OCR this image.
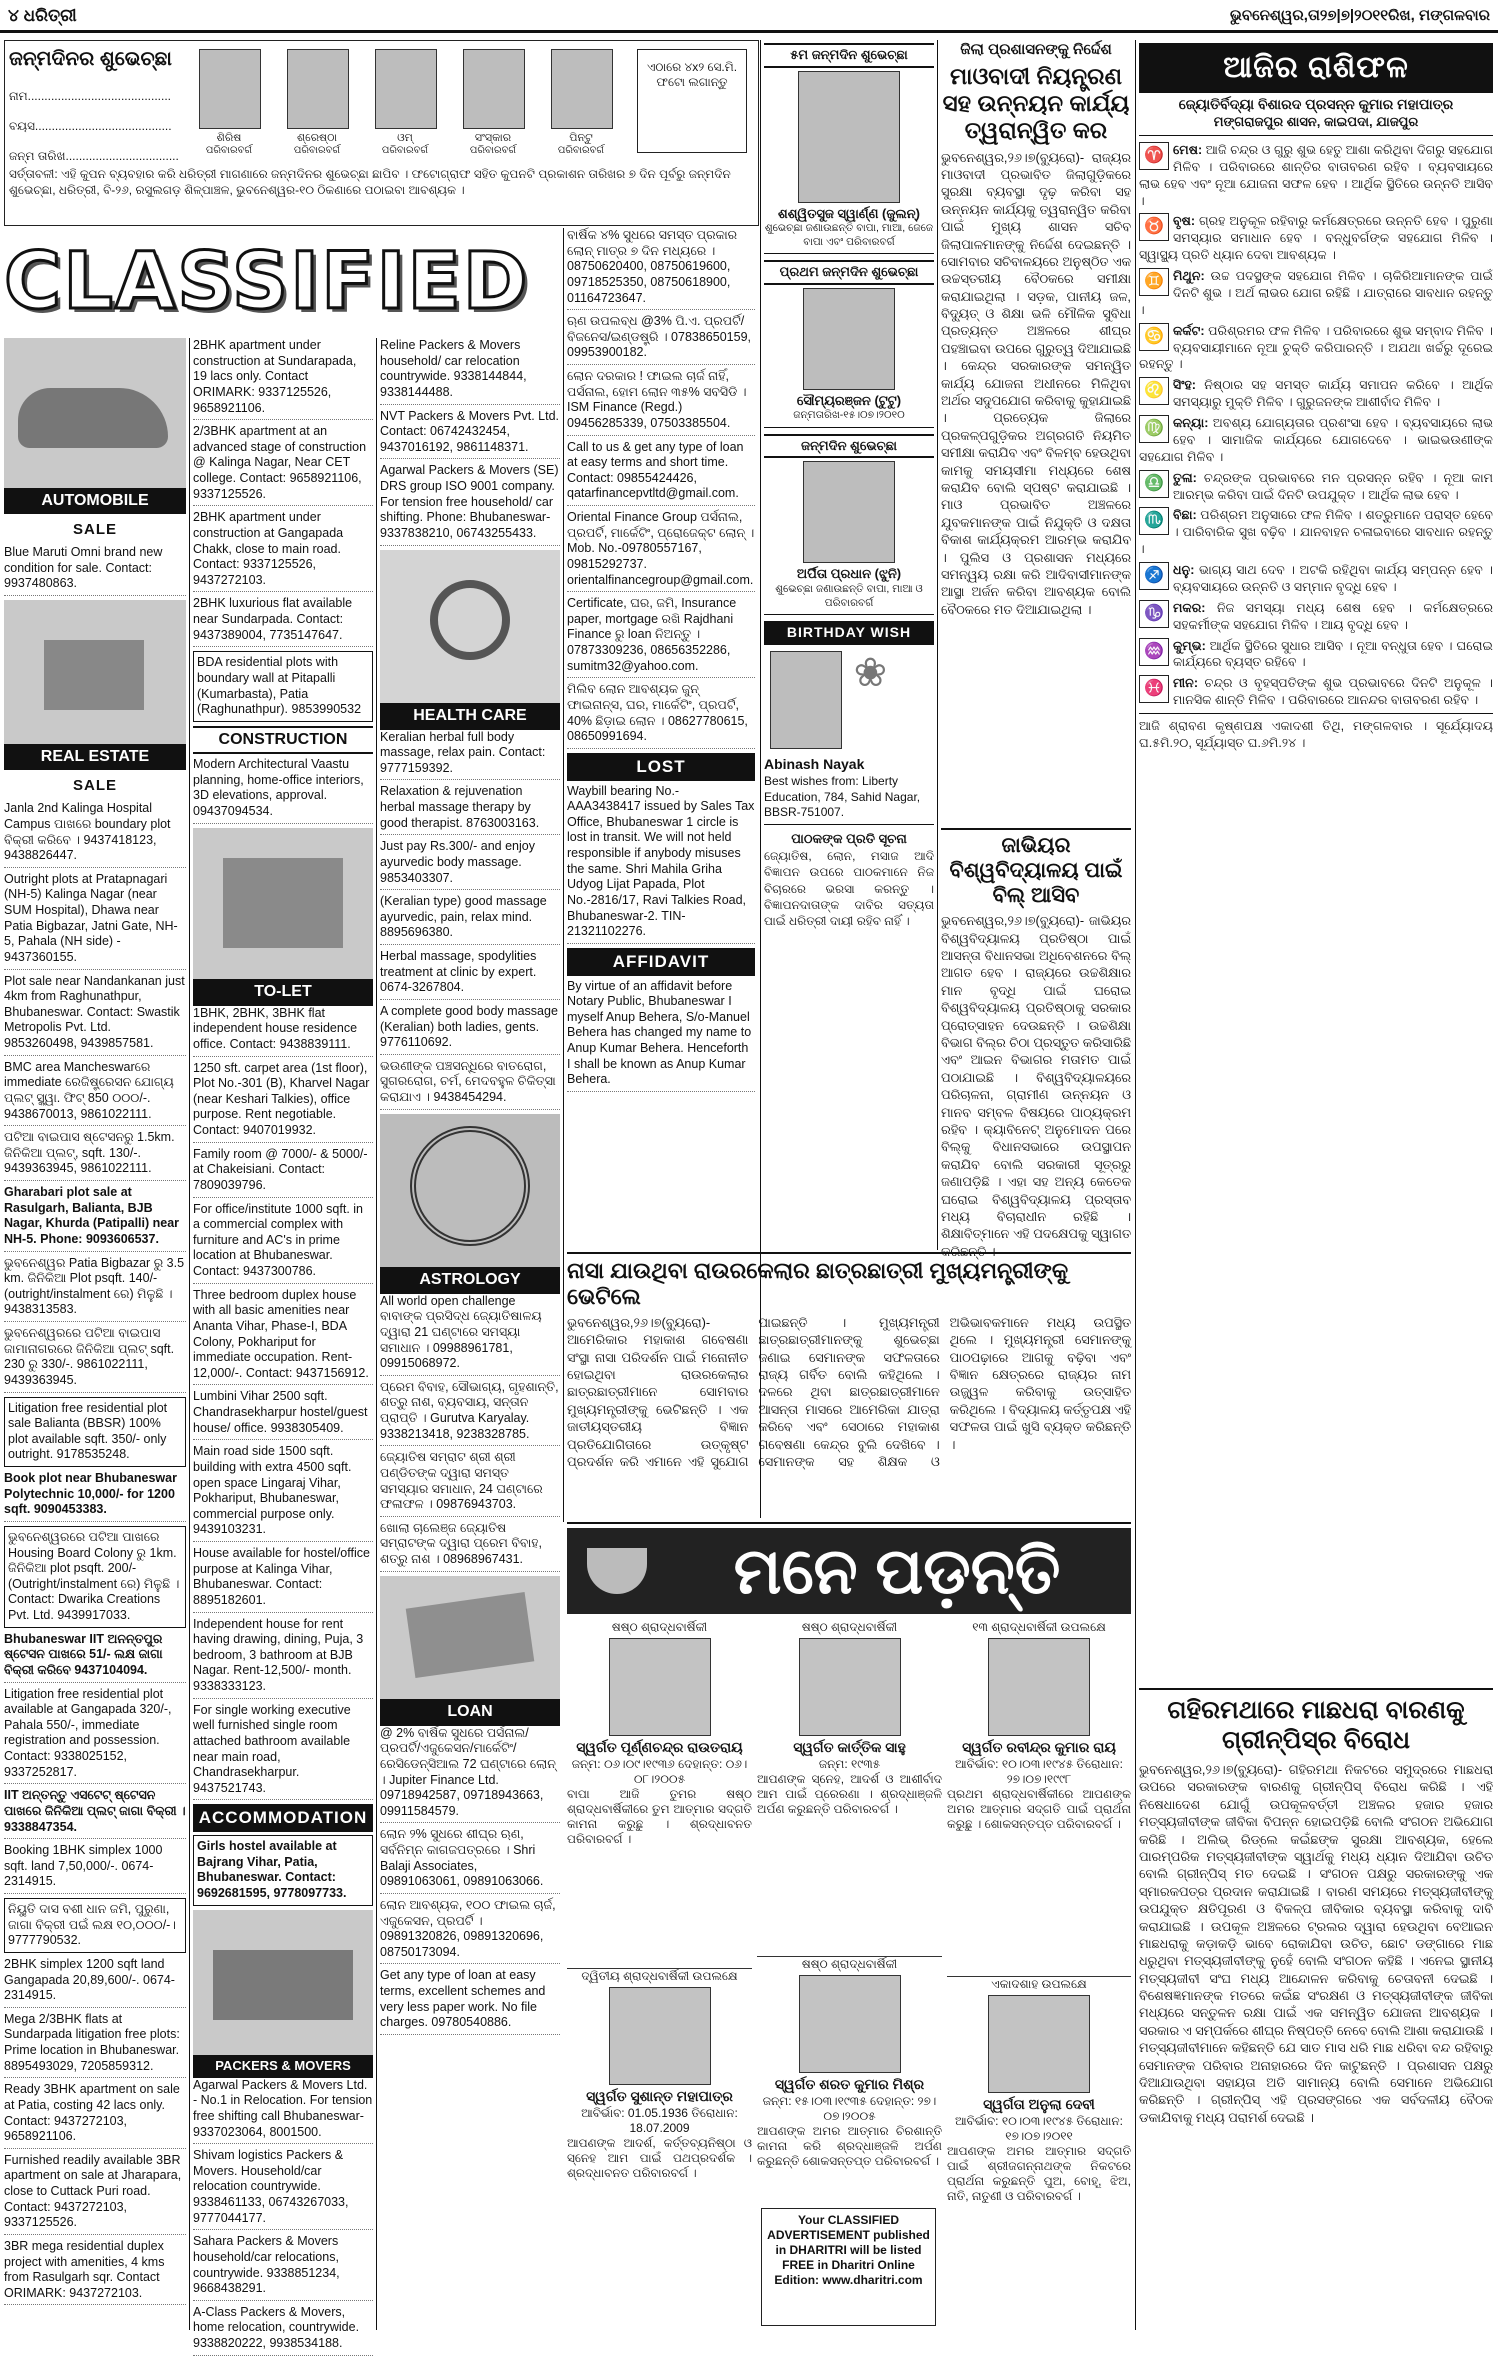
୪ ଧରିତ୍ରୀ	ଭୁବନେଶ୍ୱର,ତା୨୭|୭|୨୦୧୧ରିଖ, ମଙ୍ଗଳବାର
ଜନ୍ମଦିନର ଶୁଭେଚ୍ଛା
ନାମ...........................................
ବୟସ.........................................
ଜନ୍ମ ତାରିଖ..................................
ଶିରିଷ	ଶ୍ରେଷ୍ଠା	ଓମ୍	ସଂସ୍କାର	ପିନ୍ଟୁ
ପରିବାରବର୍ଗ	ପରିବାରବର୍ଗ	ପରିବାରବର୍ଗ	ପରିବାରବର୍ଗ	ପରିବାରବର୍ଗ
ଏଠାରେ ୪x୨ ସେ.ମି. ଫଟୋ ଲଗାନ୍ତୁ
ସର୍ତ୍ତାବଳୀ: ଏହି କୁପନ ବ୍ୟବହାର କରି ଧରିତ୍ରୀ ମାଗଣାରେ ଜନ୍ମଦିନର ଶୁଭେଚ୍ଛା ଛାପିବ । ଫଟୋଗ୍ରାଫ ସହିତ କୁପନଟି ପ୍ରକାଶନ ତାରିଖର ୭ ଦିନ ପୂର୍ବରୁ ଜନ୍ମଦିନ ଶୁଭେଚ୍ଛା, ଧରିତ୍ରୀ, ବି-୨୬, ରସୁଲଗଡ଼ ଶିଳ୍ପାଞ୍ଚଳ, ଭୁବନେଶ୍ୱର-୧୦ ଠିକଣାରେ ପଠାଇବା ଆବଶ୍ୟକ ।
CLASSIFIED
AUTOMOBILE
SALE
Blue Maruti Omni brand new condition for sale. Contact: 9937480863.
REAL ESTATE
SALE
Janla 2nd Kalinga Hospital Campus ପାଖରେ boundary plot ବିକ୍ରୀ କରିବେ । 9437418123, 9438826447.
Outright plots at Pratapnagari (NH-5) Kalinga Nagar (near SUM Hospital), Dhawa near Patia Bigbazar, Jatni Gate, NH-5, Pahala (NH side) - 9437360155.
Plot sale near Nandankanan just 4km from Raghunathpur, Bhubaneswar. Contact: Swastik Metropolis Pvt. Ltd. 9853260498, 9439857581.
BMC area Mancheswarରେ immediate ରେଜିଷ୍ଟ୍ରେସନ ଯୋଗ୍ୟ ପ୍ଲଟ୍ ସ୍କ୍ୱା. ଫିଟ୍ 850 ୦୦୦/-. 9438670013, 9861022111.
ପଟିଆ ବାଇପାସ ଷ୍ଟେସନରୁ 1.5km. ଜିନିକିଆ ପ୍ଲଟ୍, sqft. 130/-. 9439363945, 9861022111.
Gharabari plot sale at Rasulgarh, Balianta, BJB Nagar, Khurda (Patipalli) near NH-5. Phone: 9093606537.
ଭୁବନେଶ୍ୱର Patia Bigbazar ରୁ 3.5 km. ଜିନିକିଆ Plot psqft. 140/- (outright/instalment ରେ) ମିଳୁଛି । 9438313583.
ଭୁବନେଶ୍ୱରରେ ପଟିଆ ବାଇପାସ ଜାମାନାଗରରେ ଜିନିକିଆ ପ୍ଲଟ୍ sqft. 230 ରୁ 330/-. 9861022111, 9439363945.
Litigation free residential plot sale Balianta (BBSR) 100% plot available sqft. 350/- only outright. 9178535248.
Book plot near Bhubaneswar Polytechnic 10,000/- for 1200 sqft. 9090453383.
ଭୁବନେଶ୍ୱରରେ ପଟିଆ ପାଖରେ Housing Board Colony ରୁ 1km. ଜିନିକିଆ plot psqft. 200/- (Outright/instalment ରେ) ମିଳୁଛି । Contact: Dwarika Creations Pvt. Ltd. 9439917033.
Bhubaneswar IIT ଅନନ୍ତପୁର ଷ୍ଟେସନ ପାଖରେ 51/- ଲକ୍ଷ ଜାଗା ବିକ୍ରୀ କରିବେ 9437104094.
Litigation free residential plot available at Gangapada 320/-, Pahala 550/-, immediate registration and possession. Contact: 9338025152, 9337252817.
IIT ଅନ୍ତନ୍ତୁ ଏସଟେଟ୍ ଷ୍ଟେସନ ପାଖରେ ଜିନିକିଆ ପ୍ଲଟ୍ ଜାଗା ବିକ୍ରୀ । 9338847354.
Booking 1BHK simplex 1000 sqft. land 7,50,000/-. 0674-2314915.
ନିୟୁତି ଦାସ ବଶୀ ଧାନ ଜମି, ପୁରୁଣା, ଜାଗା ବିକ୍ରୀ ପଇଁ ଲକ୍ଷ ୧୦,୦୦୦/-। 9777790532.
2BHK simplex 1200 sqft land Gangapada 20,89,600/-. 0674-2314915.
Mega 2/3BHK flats at Sundarpada litigation free plots: Prime location in Bhubaneswar. 8895493029, 7205859312.
Ready 3BHK apartment on sale at Patia, costing 42 lacs only. Contact: 9437272103, 9658921106.
Furnished readily available 3BR apartment on sale at Jharapara, close to Cuttack Puri road. Contact: 9437272103, 9337125526.
3BR mega residential duplex project with amenities, 4 kms from Rasulgarh sqr. Contact ORIMARK: 9437272103.
2BHK apartment under construction at Sundarapada, 19 lacs only. Contact ORIMARK: 9337125526, 9658921106.
2/3BHK apartment at an advanced stage of construction @ Kalinga Nagar, Near CET college. Contact: 9658921106, 9337125526.
2BHK apartment under construction at Gangapada Chakk, close to main road. Contact: 9337125526, 9437272103.
2BHK luxurious flat available near Sundarpada. Contact: 9437389004, 7735147647.
BDA residential plots with boundary wall at Pitapalli (Kumarbasta), Patia (Raghunathpur). 9853990532
CONSTRUCTION
Modern Architectural Vaastu planning, home-office interiors, 3D elevations, approval. 09437094534.
TO-LET
1BHK, 2BHK, 3BHK flat independent house residence office. Contact: 9438839111.
1250 sft. carpet area (1st floor), Plot No.-301 (B), Kharvel Nagar (near Keshari Talkies), office purpose. Rent negotiable. Contact: 9407019932.
Family room @ 7000/- & 5000/- at Chakeisiani. Contact: 7809039796.
For office/institute 1000 sqft. in a commercial complex with furniture and AC's in prime location at Bhubaneswar. Contact: 9437300786.
Three bedroom duplex house with all basic amenities near Ananta Vihar, Phase-I, BDA Colony, Pokhariput for immediate occupation. Rent-12,000/-. Contact: 9437156912.
Lumbini Vihar 2500 sqft. Chandrasekharpur hostel/guest house/ office. 9938305409.
Main road side 1500 sqft. building with extra 4500 sqft. open space Lingaraj Vihar, Pokhariput, Bhubaneswar, commercial purpose only. 9439103231.
House available for hostel/office purpose at Kalinga Vihar, Bhubaneswar. Contact: 8895182601.
Independent house for rent having drawing, dining, Puja, 3 bedroom, 3 bathroom at BJB Nagar. Rent-12,500/- month. 9338333123.
For single working executive well furnished single room attached bathroom available near main road, Chandrasekharpur. 9437521743.
ACCOMMODATION
Girls hostel available at Bajrang Vihar, Patia, Bhubaneswar. Contact: 9692681595, 9778097733.
PACKERS & MOVERS
Agarwal Packers & Movers Ltd. - No.1 in Relocation. For tension free shifting call Bhubaneswar- 9337023064, 8001500.
Shivam logistics Packers & Movers. Household/car relocation countrywide. 9338461133, 06743267033, 9777044177.
Sahara Packers & Movers household/car relocations, countrywide. 9338851234, 9668438291.
A-Class Packers & Movers, home relocation, countrywide. 9338820222, 9938534188.
Reline Packers & Movers household/ car relocation countrywide. 9338144844, 9338144488.
NVT Packers & Movers Pvt. Ltd. Contact: 06742432454, 9437016192, 9861148371.
Agarwal Packers & Movers (SE) DRS group ISO 9001 company. For tension free household/ car shifting. Phone: Bhubaneswar- 9337838210, 06743255433.
HEALTH CARE
Keralian herbal full body massage, relax pain. Contact: 9777159392.
Relaxation & rejuvenation herbal massage therapy by good therapist. 8763003163.
Just pay Rs.300/- and enjoy ayurvedic body massage. 9853403307.
(Keralian type) good massage ayurvedic, pain, relax mind. 8895696380.
Herbal massage, spodylities treatment at clinic by expert. 0674-3267804.
A complete good body massage (Keralian) both ladies, gents. 9776110692.
ଭଉଣୀଙ୍କ ପଞ୍ଚସନ୍ଧିରେ ବାତରୋଗ, ସୁଗରରୋଗ, ଚର୍ମ, ମେଦବହୁଳ ଚିକିତ୍ସା କରାଯାଏ । 9438454294.
ASTROLOGY
All world open challenge ବାବାଙ୍କ ପ୍ରସିଦ୍ଧ ଜ୍ୟୋତିଷାଳୟ ଦ୍ୱାରା 21 ଘଣ୍ଟାରେ ସମସ୍ୟା ସମାଧାନ । 09988961781, 09915068972.
ପ୍ରେମ ବିବାହ, ସୌଭାଗ୍ୟ, ଗୃହଶାନ୍ତି, ଶତ୍ରୁ ନାଶ, ବ୍ୟବସାୟ, ସନ୍ତାନ ପ୍ରାପ୍ତି । Gurutva Karyalay. 9338213418, 9238328785.
ଜ୍ୟୋତିଷ ସମ୍ରାଟ ଶ୍ରୀ ଶ୍ରୀ ପଣ୍ଡିତଙ୍କ ଦ୍ୱାରା ସମସ୍ତ ସମସ୍ୟାର ସମାଧାନ, 24 ଘଣ୍ଟାରେ ଫଳାଫଳ । 09876943703.
ଖୋଲା ଚାଲେଞ୍ଜ ଜ୍ୟୋତିଷ ସମ୍ରାଟଙ୍କ ଦ୍ୱାରା ପ୍ରେମ ବିବାହ, ଶତ୍ରୁ ନାଶ । 08968967431.
LOAN
@ 2% ବାର୍ଷିକ ସୁଧରେ ପର୍ସନାଲ/ପ୍ରପର୍ଟି/ଏଜୁକେସନ/ମାର୍କେଟିଂ/ରେସିଡେନ୍ସିଆଲ 72 ଘଣ୍ଟାରେ ଲୋନ୍ । Jupiter Finance Ltd. 09718942587, 09718943663, 09911584579.
ଲୋନ ୨% ସୁଧରେ ଶୀଘ୍ର ଋଣ, ସର୍ବନିମ୍ନ କାଗଜପତ୍ରରେ । Shri Balaji Associates, 09891063061, 09891063066.
ଲୋନ ଆବଶ୍ୟକ, ୧୦୦ ଫାଇଲ ଚାର୍ଜ, ଏଜୁକେସନ, ପ୍ରପର୍ଟି । 09891320826, 09891320696, 08750173094.
Get any type of loan at easy terms, excellent schemes and very less paper work. No file charges. 09780540886.
ବାର୍ଷିକ ୪% ସୁଧରେ ସମସ୍ତ ପ୍ରକାର ଲୋନ୍ ମାତ୍ର ୭ ଦିନ ମଧ୍ୟରେ । 08750620400, 08750619600, 09718525350, 08750618900, 01164723647.
ଋଣ ଉପଲବ୍ଧ @3% ପି.ଏ. ପ୍ରପର୍ଟି/ବିଜନେସ/ଇଣ୍ଡଷ୍ଟ୍ରି । 07838650159, 09953900182.
ଲୋନ ଦରକାର ! ଫାଇଲ ଚାର୍ଜ ନାହିଁ, ପର୍ସନାଲ, ହୋମ ଲୋନ ୩୫% ସବସିଡି । ISM Finance (Regd.) 09456285339, 07503385504.
Call to us & get any type of loan at easy terms and short time. Contact: 09855424426, qatarfinancepvtltd@gmail.com.
Oriental Finance Group ପର୍ସନାଲ, ପ୍ରପର୍ଟି, ମାର୍କେଟିଂ, ପ୍ରୋଜେକ୍ଟ ଲୋନ୍ । Mob. No.-09780557167, 09815292737. orientalfinancegroup@gmail.com.
Certificate, ଘର, ଜମି, Insurance paper, mortgage ରଖି Rajdhani Finance ରୁ loan ନିଅନ୍ତୁ । 07873309236, 08656352286, sumitm32@yahoo.com.
ମିଲିବ ଲୋନ ଆବଶ୍ୟକ ଜୁନ୍ ଫାଇନାନ୍ସ, ଘର, ମାର୍କେଟିଂ, ପ୍ରପର୍ଟି, 40% ଛିଡ଼ାଇ ଲୋନ । 08627780615, 08650991694.
LOST
Waybill bearing No.- AAA3438417 issued by Sales Tax Office, Bhubaneswar 1 circle is lost in transit. We will not held responsible if anybody misuses the same. Shri Mahila Griha Udyog Lijat Papada, Plot No.-2816/17, Ravi Talkies Road, Bhubaneswar-2. TIN-21321102276.
AFFIDAVIT
By virtue of an affidavit before Notary Public, Bhubaneswar I myself Anup Behera, S/o-Manuel Behera has changed my name to Anup Kumar Behera. Henceforth I shall be known as Anup Kumar Behera.
୫ମ ଜନ୍ମଦିନ ଶୁଭେଚ୍ଛା
ଶଶ୍ୱିତସୁଜ ସ୍ୱାର୍ଣ୍ଣ (ଜୁଲନ୍)
ଶୁଭେଚ୍ଛା ଜଣାଉଛନ୍ତି ବାପା, ମାଆ, ଜେଜେ ବାପା ଏବଂ ପରିବାରବର୍ଗ
ପ୍ରଥମ ଜନ୍ମଦିନ ଶୁଭେଚ୍ଛା
ସୌମ୍ୟରଞ୍ଜନ (ଟୁଟୁ)
ଜନ୍ମତାରିଖ-୧୫।୦୭।୨୦୧୦
ଜନ୍ମଦିନ ଶୁଭେଚ୍ଛା
ଅର୍ପିତା ପ୍ରଧାନ (ଝୁନି)
ଶୁଭେଚ୍ଛା ଜଣାଉଛନ୍ତି ବାପା, ମାଆ ଓ ପରିବାରବର୍ଗ
BIRTHDAY WISH
❀
Abinash Nayak
Best wishes from: Liberty Education, 784, Sahid Nagar, BBSR-751007.
ପାଠକଙ୍କ ପ୍ରତି ସୂଚନା
ଜ୍ୟୋତିଷ, ଲୋନ, ମସାଜ ଆଦି ବିଜ୍ଞାପନ ଉପରେ ପାଠକମାନେ ନିଜ ବିଚାରରେ ଭରସା କରନ୍ତୁ । ବିଜ୍ଞାପନଦାତାଙ୍କ ଦାବିର ସତ୍ୟତା ପାଇଁ ଧରିତ୍ରୀ ଦାୟୀ ରହିବ ନାହିଁ ।
ଜିଲା ପ୍ରଶାସନଙ୍କୁ ନିର୍ଦ୍ଦେଶ
ମାଓବାଦୀ ନିୟନ୍ତ୍ରଣ ସହ ଉନ୍ନୟନ କାର୍ଯ୍ୟ ତ୍ୱରାନ୍ୱିତ କର
ଭୁବନେଶ୍ୱର,୨୬।୭(ବ୍ୟୁରୋ)- ରାଜ୍ୟର ମାଓବାଦୀ ପ୍ରଭାବିତ ଜିଲାଗୁଡ଼ିକରେ ସୁରକ୍ଷା ବ୍ୟବସ୍ଥା ଦୃଢ଼ କରିବା ସହ ଉନ୍ନୟନ କାର୍ଯ୍ୟକୁ ତ୍ୱରାନ୍ୱିତ କରିବା ପାଇଁ ମୁଖ୍ୟ ଶାସନ ସଚିବ ଜିଲାପାଳମାନଙ୍କୁ ନିର୍ଦ୍ଦେଶ ଦେଇଛନ୍ତି । ସୋମବାର ସଚିବାଳୟରେ ଅନୁଷ୍ଠିତ ଏକ ଉଚ୍ଚସ୍ତରୀୟ ବୈଠକରେ ସମୀକ୍ଷା କରାଯାଇଥିଲା । ସଡ଼କ, ପାନୀୟ ଜଳ, ବିଦ୍ୟୁତ୍ ଓ ଶିକ୍ଷା ଭଳି ମୌଳିକ ସୁବିଧା ପ୍ରତ୍ୟନ୍ତ ଅଞ୍ଚଳରେ ଶୀଘ୍ର ପହଞ୍ଚାଇବା ଉପରେ ଗୁରୁତ୍ୱ ଦିଆଯାଇଛି । କେନ୍ଦ୍ର ସରକାରଙ୍କ ସମନ୍ୱିତ କାର୍ଯ୍ୟ ଯୋଜନା ଅଧୀନରେ ମିଳିଥିବା ଅର୍ଥର ସଦୁପଯୋଗ କରିବାକୁ କୁହାଯାଇଛି । ପ୍ରତ୍ୟେକ ଜିଲାରେ ପ୍ରକଳ୍ପଗୁଡ଼ିକର ଅଗ୍ରଗତି ନିୟମିତ ସମୀକ୍ଷା କରାଯିବ ଏବଂ ବିଳମ୍ବ ହେଉଥିବା କାମକୁ ସମୟସୀମା ମଧ୍ୟରେ ଶେଷ କରାଯିବ ବୋଲି ସ୍ପଷ୍ଟ କରାଯାଇଛି । ମାଓ ପ୍ରଭାବିତ ଅଞ୍ଚଳରେ ଯୁବକମାନଙ୍କ ପାଇଁ ନିଯୁକ୍ତି ଓ ଦକ୍ଷତା ବିକାଶ କାର୍ଯ୍ୟକ୍ରମ ଆରମ୍ଭ କରାଯିବ । ପୁଲିସ ଓ ପ୍ରଶାସନ ମଧ୍ୟରେ ସମନ୍ୱୟ ରକ୍ଷା କରି ଆଦିବାସୀମାନଙ୍କ ଆସ୍ଥା ଅର୍ଜନ କରିବା ଆବଶ୍ୟକ ବୋଲି ବୈଠକରେ ମତ ଦିଆଯାଇଥିଲା ।
ଜାଭିୟର ବିଶ୍ୱବିଦ୍ୟାଳୟ ପାଇଁ ବିଲ୍ ଆସିବ
ଭୁବନେଶ୍ୱର,୨୬।୭(ବ୍ୟୁରୋ)- ଜାଭିୟର ବିଶ୍ୱବିଦ୍ୟାଳୟ ପ୍ରତିଷ୍ଠା ପାଇଁ ଆସନ୍ତା ବିଧାନସଭା ଅଧିବେଶନରେ ବିଲ୍ ଆଗତ ହେବ । ରାଜ୍ୟରେ ଉଚ୍ଚଶିକ୍ଷାର ମାନ ବୃଦ୍ଧି ପାଇଁ ଘରୋଇ ବିଶ୍ୱବିଦ୍ୟାଳୟ ପ୍ରତିଷ୍ଠାକୁ ସରକାର ପ୍ରୋତ୍ସାହନ ଦେଉଛନ୍ତି । ଉଚ୍ଚଶିକ୍ଷା ବିଭାଗ ବିଲ୍‌ର ଚିଠା ପ୍ରସ୍ତୁତ କରିସାରିଛି ଏବଂ ଆଇନ ବିଭାଗର ମତାମତ ପାଇଁ ପଠାଯାଇଛି । ବିଶ୍ୱବିଦ୍ୟାଳୟରେ ପରିଚାଳନା, ଗ୍ରାମୀଣ ଉନ୍ନୟନ ଓ ମାନବ ସମ୍ବଳ ବିଷୟରେ ପାଠ୍ୟକ୍ରମ ରହିବ । କ୍ୟାବିନେଟ୍ ଅନୁମୋଦନ ପରେ ବିଲ୍‌କୁ ବିଧାନସଭାରେ ଉପସ୍ଥାପନ କରାଯିବ ବୋଲି ସରକାରୀ ସୂତ୍ରରୁ ଜଣାପଡ଼ିଛି । ଏହା ସହ ଅନ୍ୟ କେତେକ ଘରୋଇ ବିଶ୍ୱବିଦ୍ୟାଳୟ ପ୍ରସ୍ତାବ ମଧ୍ୟ ବିଚାରାଧୀନ ରହିଛି । ଶିକ୍ଷାବିତ୍‌ମାନେ ଏହି ପଦକ୍ଷେପକୁ ସ୍ୱାଗତ କରିଛନ୍ତି ।
ନାସା ଯାଉଥିବା ରାଉରକେଲାର ଛାତ୍ରଛାତ୍ରୀ ମୁଖ୍ୟମନ୍ତ୍ରୀଙ୍କୁ ଭେଟିଲେ
ଭୁବନେଶ୍ୱର,୨୬।୭(ବ୍ୟୁରୋ)- ଆମେରିକାର ମହାକାଶ ଗବେଷଣା ସଂସ୍ଥା ନାସା ପରିଦର୍ଶନ ପାଇଁ ମନୋନୀତ ହୋଇଥିବା ରାଉରକେଲାର ଛାତ୍ରଛାତ୍ରୀମାନେ ସୋମବାର ମୁଖ୍ୟମନ୍ତ୍ରୀଙ୍କୁ ଭେଟିଛନ୍ତି । ଏକ ଜାତୀୟସ୍ତରୀୟ ବିଜ୍ଞାନ ପ୍ରତିଯୋଗିତାରେ ଉତ୍କୃଷ୍ଟ ପ୍ରଦର୍ଶନ କରି ଏମାନେ ଏହି ସୁଯୋଗ ପାଇଛନ୍ତି । ମୁଖ୍ୟମନ୍ତ୍ରୀ ଛାତ୍ରଛାତ୍ରୀମାନଙ୍କୁ ଶୁଭେଚ୍ଛା ଜଣାଇ ସେମାନଙ୍କ ସଫଳତାରେ ରାଜ୍ୟ ଗର୍ବିତ ବୋଲି କହିଥିଲେ । ଦଳରେ ଥିବା ଛାତ୍ରଛାତ୍ରୀମାନେ ଆସନ୍ତା ମାସରେ ଆମେରିକା ଯାତ୍ରା କରିବେ ଏବଂ ସେଠାରେ ମହାକାଶ ଗବେଷଣା କେନ୍ଦ୍ର ବୁଲି ଦେଖିବେ । ସେମାନଙ୍କ ସହ ଶିକ୍ଷକ ଓ ଅଭିଭାବକମାନେ ମଧ୍ୟ ଉପସ୍ଥିତ ଥିଲେ । ମୁଖ୍ୟମନ୍ତ୍ରୀ ସେମାନଙ୍କୁ ପାଠପଢ଼ାରେ ଆଗକୁ ବଢ଼ିବା ଏବଂ ବିଜ୍ଞାନ କ୍ଷେତ୍ରରେ ରାଜ୍ୟର ନାମ ଉଜ୍ଜ୍ୱଳ କରିବାକୁ ଉତ୍ସାହିତ କରିଥିଲେ । ବିଦ୍ୟାଳୟ କର୍ତ୍ତୃପକ୍ଷ ଏହି ସଫଳତା ପାଇଁ ଖୁସି ବ୍ୟକ୍ତ କରିଛନ୍ତି ।
ମନେ ପଡ଼ନ୍ତି
ଷଷ୍ଠ ଶ୍ରାଦ୍ଧବାର୍ଷିକୀ
ସ୍ୱର୍ଗତ ପୂର୍ଣ୍ଣଚନ୍ଦ୍ର ରାଉତରାୟ
ଜନ୍ମ: ୦୬।୦୯।୧୯୩୬ ଦେହାନ୍ତ: ୦୬।୦୮।୨୦୦୫
ବାପା ଆଜି ତୁମର ଷଷ୍ଠ ଶ୍ରାଦ୍ଧବାର୍ଷିକୀରେ ତୁମ ଆତ୍ମାର ସଦ୍‌ଗତି କାମନା କରୁଛୁ । ଶ୍ରଦ୍ଧାବନତ ପରିବାରବର୍ଗ ।
ଷଷ୍ଠ ଶ୍ରାଦ୍ଧବାର୍ଷିକୀ
ସ୍ୱର୍ଗତ କାର୍ତ୍ତିକ ସାହୁ
ଜନ୍ମ: ୧୯୩୫
ଆପଣଙ୍କ ସ୍ନେହ, ଆଦର୍ଶ ଓ ଆଶୀର୍ବାଦ ଆମ ପାଇଁ ପ୍ରେରଣା । ଶ୍ରଦ୍ଧାଞ୍ଜଳି ଅର୍ପଣ କରୁଛନ୍ତି ପରିବାରବର୍ଗ ।
୧୩ ଶ୍ରାଦ୍ଧବାର୍ଷିକୀ ଉପଲକ୍ଷେ
ସ୍ୱର୍ଗତ ରବୀନ୍ଦ୍ର କୁମାର ରାୟ
ଆବିର୍ଭାବ: ୧୦।୦୩।୧୯୪୫ ତିରୋଧାନ: ୨୭।୦୭।୧୯୯୮
ପ୍ରଥମ ଶ୍ରାଦ୍ଧବାର୍ଷିକୀରେ ଆପଣଙ୍କ ଅମର ଆତ୍ମାର ସଦ୍‌ଗତି ପାଇଁ ପ୍ରାର୍ଥନା କରୁଛୁ । ଶୋକସନ୍ତପ୍ତ ପରିବାରବର୍ଗ ।
ଦ୍ୱିତୀୟ ଶ୍ରାଦ୍ଧବାର୍ଷିକୀ ଉପଲକ୍ଷେ
ସ୍ୱର୍ଗତ ସୁଶାନ୍ତ ମହାପାତ୍ର
ଆବିର୍ଭାବ: 01.05.1936 ତିରୋଧାନ: 18.07.2009
ଆପଣଙ୍କ ଆଦର୍ଶ, କର୍ତ୍ତବ୍ୟନିଷ୍ଠା ଓ ସ୍ନେହ ଆମ ପାଇଁ ପଥପ୍ରଦର୍ଶକ । ଶ୍ରଦ୍ଧାବନତ ପରିବାରବର୍ଗ ।
ଷଷ୍ଠ ଶ୍ରାଦ୍ଧବାର୍ଷିକୀ
ସ୍ୱର୍ଗତ ଶରତ କୁମାର ମିଶ୍ର
ଜନ୍ମ: ୧୫।୦୩।୧୯୩୫ ଦେହାନ୍ତ: ୨୭।୦୭।୨୦୦୫
ଆପଣଙ୍କ ଅମର ଆତ୍ମାର ଚିରଶାନ୍ତି କାମନା କରି ଶ୍ରଦ୍ଧାଞ୍ଜଳି ଅର୍ପଣ କରୁଛନ୍ତି ଶୋକସନ୍ତପ୍ତ ପରିବାରବର୍ଗ ।
Your CLASSIFIED ADVERTISEMENT published in DHARITRI will be listed FREE in Dharitri Online Edition: www.dharitri.com
ଏକାଦଶାହ ଉପଲକ୍ଷେ
ସ୍ୱର୍ଗତା ଅନୁଲା ଦେବୀ
ଆବିର୍ଭାବ: ୧୦।୦୩।୧୯୪୫ ତିରୋଧାନ: ୧୭।୦୭।୨୦୧୧
ଆପଣଙ୍କ ଅମର ଆତ୍ମାର ସଦ୍‌ଗତି ପାଇଁ ଶ୍ରୀଜଗନ୍ନାଥଙ୍କ ନିକଟରେ ପ୍ରାର୍ଥନା କରୁଛନ୍ତି ପୁଅ, ବୋହୂ, ଝିଅ, ନାତି, ନାତୁଣୀ ଓ ପରିବାରବର୍ଗ ।
ଆଜିର ରାଶିଫଳ
ଜ୍ୟୋତିର୍ବିଦ୍ୟା ବିଶାରଦ ପ୍ରସନ୍ନ କୁମାର ମହାପାତ୍ର
ମଙ୍ଗରାଜପୁର ଶାସନ, କାଇପଦା, ଯାଜପୁର

♈ ମେଷ: ଆଜି ଚନ୍ଦ୍ର ଓ ଗୁରୁ ଶୁଭ ହେତୁ ଆଶା କରିଥିବା ଦିଗରୁ ସହଯୋଗ ମିଳିବ । ପରିବାରରେ ଶାନ୍ତିର ବାତାବରଣ ରହିବ । ବ୍ୟବସାୟରେ ଲାଭ ହେବ ଏବଂ ନୂଆ ଯୋଜନା ସଫଳ ହେବ । ଆର୍ଥିକ ସ୍ଥିତିରେ ଉନ୍ନତି ଆସିବ ।

♉ ବୃଷ: ଗ୍ରହ ଅନୁକୂଳ ରହିବାରୁ କର୍ମକ୍ଷେତ୍ରରେ ଉନ୍ନତି ହେବ । ପୁରୁଣା ସମସ୍ୟାର ସମାଧାନ ହେବ । ବନ୍ଧୁବର୍ଗଙ୍କ ସହଯୋଗ ମିଳିବ । ସ୍ୱାସ୍ଥ୍ୟ ପ୍ରତି ଧ୍ୟାନ ଦେବା ଆବଶ୍ୟକ ।

♊ ମିଥୁନ: ଉଚ୍ଚ ପଦସ୍ଥଙ୍କ ସହଯୋଗ ମିଳିବ । ଚାକିରିଆମାନଙ୍କ ପାଇଁ ଦିନଟି ଶୁଭ । ଅର୍ଥ ଲାଭର ଯୋଗ ରହିଛି । ଯାତ୍ରାରେ ସାବଧାନ ରହନ୍ତୁ ।

♋ କର୍କଟ: ପରିଶ୍ରମର ଫଳ ମିଳିବ । ପରିବାରରେ ଶୁଭ ସମ୍ବାଦ ମିଳିବ । ବ୍ୟବସାୟୀମାନେ ନୂଆ ଚୁକ୍ତି କରିପାରନ୍ତି । ଅଯଥା ଖର୍ଚ୍ଚରୁ ଦୂରେଇ ରହନ୍ତୁ ।

♌ ସିଂହ: ନିଷ୍ଠାର ସହ ସମସ୍ତ କାର୍ଯ୍ୟ ସମାପନ କରିବେ । ଆର୍ଥିକ ସମସ୍ୟାରୁ ମୁକ୍ତି ମିଳିବ । ଗୁରୁଜନଙ୍କ ଆଶୀର୍ବାଦ ମିଳିବ ।

♍ କନ୍ୟା: ଅବଶ୍ୟ ଯୋଗ୍ୟତାର ପ୍ରଶଂସା ହେବ । ବ୍ୟବସାୟରେ ଲାଭ ହେବ । ସାମାଜିକ କାର୍ଯ୍ୟରେ ଯୋଗଦେବେ । ଭାଇଭଉଣୀଙ୍କ ସହଯୋଗ ମିଳିବ ।

♎ ତୁଳା: ଚନ୍ଦ୍ରଙ୍କ ପ୍ରଭାବରେ ମନ ପ୍ରସନ୍ନ ରହିବ । ନୂଆ କାମ ଆରମ୍ଭ କରିବା ପାଇଁ ଦିନଟି ଉପଯୁକ୍ତ । ଆର୍ଥିକ ଲାଭ ହେବ ।

♏ ବିଛା: ପରିଶ୍ରମ ଅନୁସାରେ ଫଳ ମିଳିବ । ଶତ୍ରୁମାନେ ପରାସ୍ତ ହେବେ । ପାରିବାରିକ ସୁଖ ବଢ଼ିବ । ଯାନବାହନ ଚଳାଇବାରେ ସାବଧାନ ରହନ୍ତୁ ।

♐ ଧନୁ: ଭାଗ୍ୟ ସାଥ ଦେବ । ଅଟକି ରହିଥିବା କାର୍ଯ୍ୟ ସମ୍ପନ୍ନ ହେବ । ବ୍ୟବସାୟରେ ଉନ୍ନତି ଓ ସମ୍ମାନ ବୃଦ୍ଧି ହେବ ।

♑ ମକର: ନିଜ ସମସ୍ୟା ମଧ୍ୟ ଶେଷ ହେବ । କର୍ମକ୍ଷେତ୍ରରେ ସହକର୍ମୀଙ୍କ ସହଯୋଗ ମିଳିବ । ଆୟ ବୃଦ୍ଧି ହେବ ।

♒ କୁମ୍ଭ: ଆର୍ଥିକ ସ୍ଥିତିରେ ସୁଧାର ଆସିବ । ନୂଆ ବନ୍ଧୁତା ହେବ । ଘରୋଇ କାର୍ଯ୍ୟରେ ବ୍ୟସ୍ତ ରହିବେ ।

♓ ମୀନ: ଚନ୍ଦ୍ର ଓ ବୃହସ୍ପତିଙ୍କ ଶୁଭ ପ୍ରଭାବରେ ଦିନଟି ଅନୁକୂଳ । ମାନସିକ ଶାନ୍ତି ମିଳିବ । ପରିବାରରେ ଆନନ୍ଦର ବାତାବରଣ ରହିବ ।

ଆଜି ଶ୍ରାବଣ କୃଷ୍ଣପକ୍ଷ ଏକାଦଶୀ ତିଥି, ମଙ୍ଗଳବାର । ସୂର୍ଯ୍ୟୋଦୟ ଘ.୫ମି.୨୦, ସୂର୍ଯ୍ୟାସ୍ତ ଘ.୬ମି.୨୪ ।

ଗହିରମଥାରେ ମାଛଧରା ବାରଣକୁ ଗ୍ରୀନ୍‌ପିସ୍‌ର ବିରୋଧ
ଭୁବନେଶ୍ୱର,୨୬।୭(ବ୍ୟୁରୋ)- ଗହିରମଥା ନିକଟରେ ସମୁଦ୍ରରେ ମାଛଧରା ଉପରେ ସରକାରଙ୍କ ବାରଣକୁ ଗ୍ରୀନ୍‌ପିସ୍ ବିରୋଧ କରିଛି । ଏହି ନିଷେଧାଦେଶ ଯୋଗୁଁ ଉପକୂଳବର୍ତ୍ତୀ ଅଞ୍ଚଳର ହଜାର ହଜାର ମତ୍ସ୍ୟଜୀବୀଙ୍କ ଜୀବିକା ବିପନ୍ନ ହୋଇପଡ଼ିଛି ବୋଲି ସଂଗଠନ ଅଭିଯୋଗ କରିଛି । ଅଲିଭ୍ ରିଡ୍ଲେ କଇଁଛଙ୍କ ସୁରକ୍ଷା ଆବଶ୍ୟକ, ହେଲେ ପାରମ୍ପରିକ ମତ୍ସ୍ୟଜୀବୀଙ୍କ ସ୍ୱାର୍ଥକୁ ମଧ୍ୟ ଧ୍ୟାନ ଦିଆଯିବା ଉଚିତ ବୋଲି ଗ୍ରୀନ୍‌ପିସ୍ ମତ ଦେଇଛି । ସଂଗଠନ ପକ୍ଷରୁ ସରକାରଙ୍କୁ ଏକ ସ୍ମାରକପତ୍ର ପ୍ରଦାନ କରାଯାଇଛି । ବାରଣ ସମୟରେ ମତ୍ସ୍ୟଜୀବୀଙ୍କୁ ଉପଯୁକ୍ତ କ୍ଷତିପୂରଣ ଓ ବିକଳ୍ପ ଜୀବିକାର ବ୍ୟବସ୍ଥା କରିବାକୁ ଦାବି କରାଯାଇଛି । ଉପକୂଳ ଅଞ୍ଚଳରେ ଟ୍ରଲର ଦ୍ୱାରା ହେଉଥିବା ବେଆଇନ ମାଛଧରାକୁ କଡ଼ାକଡ଼ି ଭାବେ ରୋକାଯିବା ଉଚିତ, ଛୋଟ ଡଙ୍ଗାରେ ମାଛ ଧରୁଥିବା ମତ୍ସ୍ୟଜୀବୀଙ୍କୁ ନୁହେଁ ବୋଲି ସଂଗଠନ କହିଛି । ଏନେଇ ସ୍ଥାନୀୟ ମତ୍ସ୍ୟଜୀବୀ ସଂଘ ମଧ୍ୟ ଆନ୍ଦୋଳନ କରିବାକୁ ଚେତାବନୀ ଦେଇଛି । ବିଶେଷଜ୍ଞମାନଙ୍କ ମତରେ କଇଁଛ ସଂରକ୍ଷଣ ଓ ମତ୍ସ୍ୟଜୀବୀଙ୍କ ଜୀବିକା ମଧ୍ୟରେ ସନ୍ତୁଳନ ରକ୍ଷା ପାଇଁ ଏକ ସମନ୍ୱିତ ଯୋଜନା ଆବଶ୍ୟକ । ସରକାର ଏ ସମ୍ପର୍କରେ ଶୀଘ୍ର ନିଷ୍ପତ୍ତି ନେବେ ବୋଲି ଆଶା କରାଯାଉଛି । ମତ୍ସ୍ୟଜୀବୀମାନେ କହିଛନ୍ତି ଯେ ସାତ ମାସ ଧରି ମାଛ ଧରିବା ବନ୍ଦ ରହିବାରୁ ସେମାନଙ୍କ ପରିବାର ଅନାହାରରେ ଦିନ କାଟୁଛନ୍ତି । ପ୍ରଶାସନ ପକ୍ଷରୁ ଦିଆଯାଉଥିବା ସହାୟତା ଅତି ସାମାନ୍ୟ ବୋଲି ସେମାନେ ଅଭିଯୋଗ କରିଛନ୍ତି । ଗ୍ରୀନ୍‌ପିସ୍ ଏହି ପ୍ରସଙ୍ଗରେ ଏକ ସର୍ବଦଳୀୟ ବୈଠକ ଡକାଯିବାକୁ ମଧ୍ୟ ପରାମର୍ଶ ଦେଇଛି ।
